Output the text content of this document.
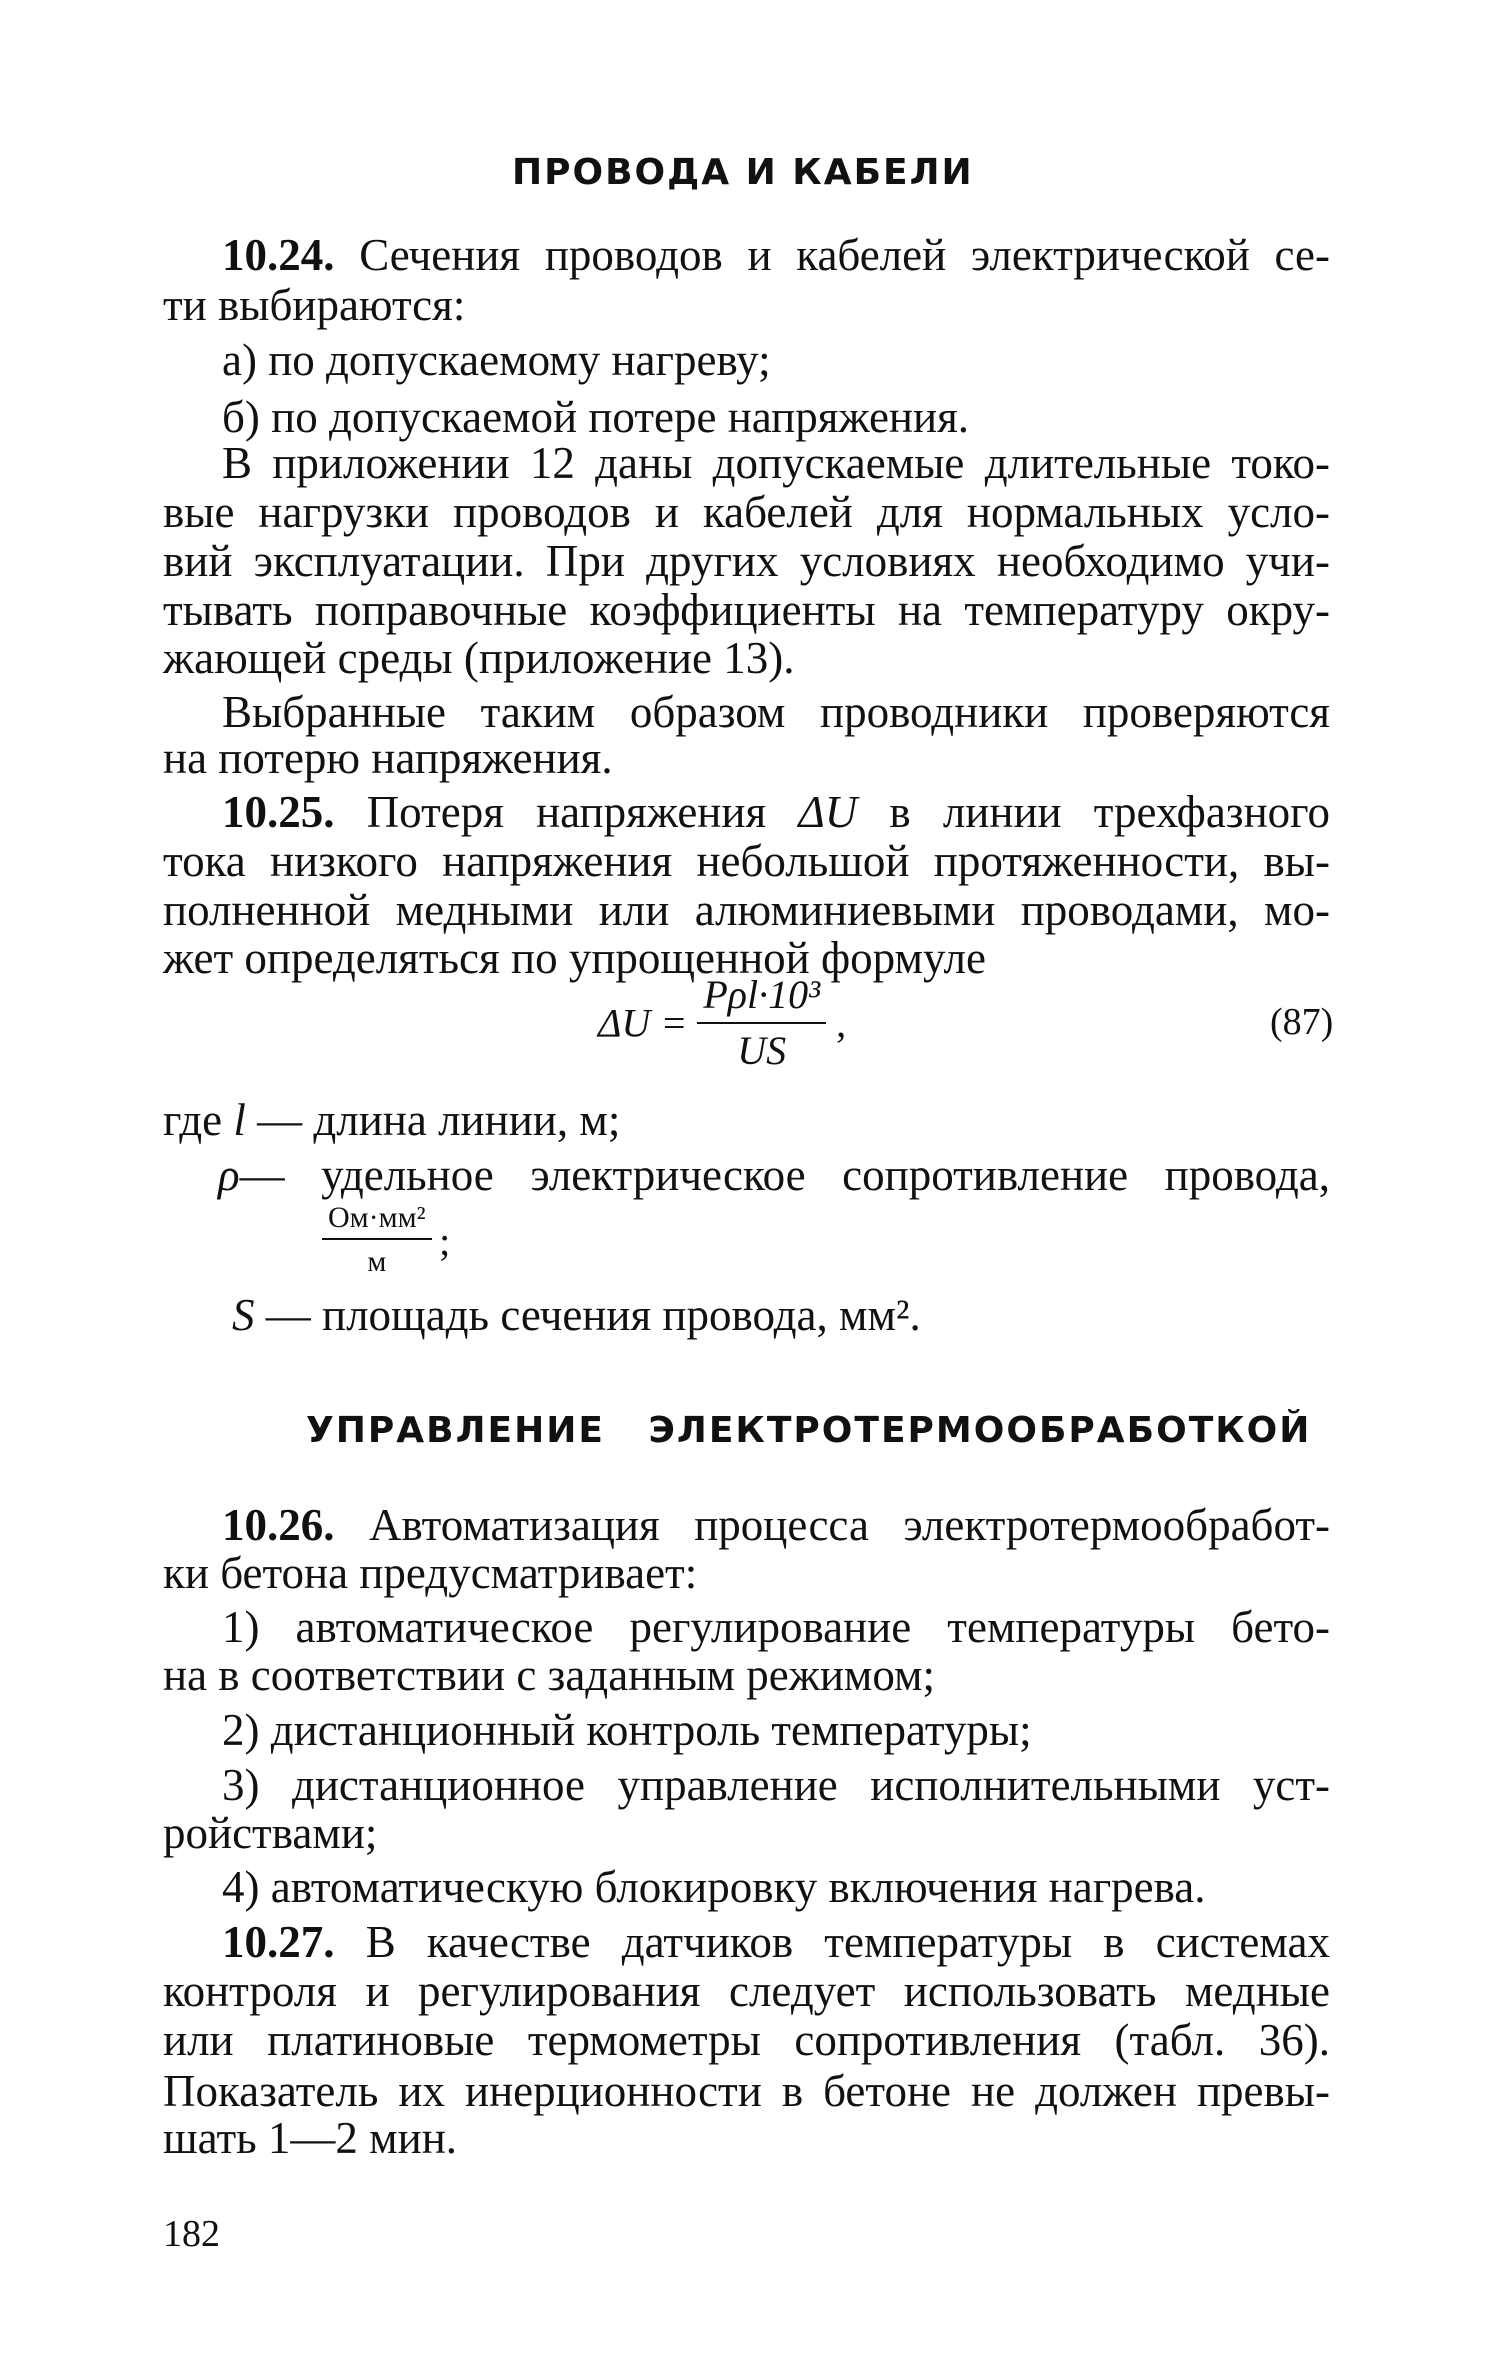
ПРОВОДА И КАБЕЛИ
10.24. Сечения проводов и кабелей электрической се-
ти выбираются:
а) по допускаемому нагреву;
б) по допускаемой потере напряжения.
В приложении 12 даны допускаемые длительные токо-
вые нагрузки проводов и кабелей для нормальных усло-
вий эксплуатации. При других условиях необходимо учи-
тывать поправочные коэффициенты на температуру окру-
жающей среды (приложение 13).
Выбранные таким образом проводники проверяются
на потерю напряжения.
10.25. Потеря напряжения ΔU в линии трехфазного
тока низкого напряжения небольшой протяженности, вы-
полненной медными или алюминиевыми проводами, мо-
жет определяться по упрощенной формуле
$\Delta U = \frac{\text{Pρl·10³}}{US}$ ,	(87)
где l — длина линии, м;
ρ— удельное электрическое сопротивление провода,
$\frac{\text{Ом·мм²}}{м}$ ;
S — площадь сечения провода, мм².
УПРАВЛЕНИЕ   ЭЛЕКТРОТЕРМООБРАБОТКОЙ
10.26. Автоматизация процесса электротермообработ-
ки бетона предусматривает:
1) автоматическое регулирование температуры бето-
на в соответствии с заданным режимом;
2) дистанционный контроль температуры;
3) дистанционное управление исполнительными уст-
ройствами;
4) автоматическую блокировку включения нагрева.
10.27. В качестве датчиков температуры в системах
контроля и регулирования следует использовать медные
или платиновые термометры сопротивления (табл. 36).
Показатель их инерционности в бетоне не должен превы-
шать 1—2 мин.
182
